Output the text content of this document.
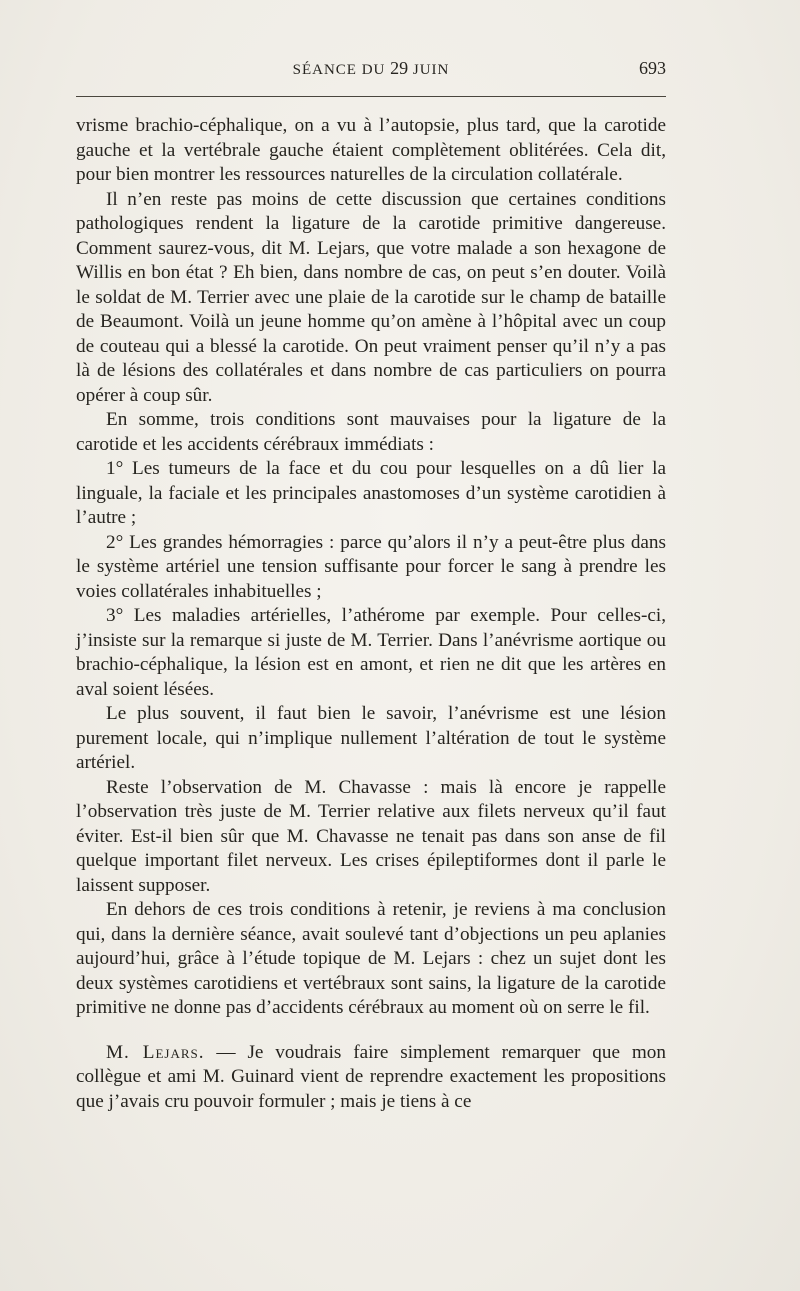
SÉANCE DU 29 JUIN	693

vrisme brachio-céphalique, on a vu à l’autopsie, plus tard, que la carotide gauche et la vertébrale gauche étaient complètement oblitérées. Cela dit, pour bien montrer les ressources naturelles de la circulation collatérale.

Il n’en reste pas moins de cette discussion que certaines conditions pathologiques rendent la ligature de la carotide primitive dangereuse. Comment saurez-vous, dit M. Lejars, que votre malade a son hexagone de Willis en bon état ? Eh bien, dans nombre de cas, on peut s’en douter. Voilà le soldat de M. Terrier avec une plaie de la carotide sur le champ de bataille de Beaumont. Voilà un jeune homme qu’on amène à l’hôpital avec un coup de couteau qui a blessé la carotide. On peut vraiment penser qu’il n’y a pas là de lésions des collatérales et dans nombre de cas particuliers on pourra opérer à coup sûr.

En somme, trois conditions sont mauvaises pour la ligature de la carotide et les accidents cérébraux immédiats :

1° Les tumeurs de la face et du cou pour lesquelles on a dû lier la linguale, la faciale et les principales anastomoses d’un système carotidien à l’autre ;

2° Les grandes hémorragies : parce qu’alors il n’y a peut-être plus dans le système artériel une tension suffisante pour forcer le sang à prendre les voies collatérales inhabituelles ;

3° Les maladies artérielles, l’athérome par exemple. Pour celles-ci, j’insiste sur la remarque si juste de M. Terrier. Dans l’anévrisme aortique ou brachio-céphalique, la lésion est en amont, et rien ne dit que les artères en aval soient lésées.

Le plus souvent, il faut bien le savoir, l’anévrisme est une lésion purement locale, qui n’implique nullement l’altération de tout le système artériel.

Reste l’observation de M. Chavasse : mais là encore je rappelle l’observation très juste de M. Terrier relative aux filets nerveux qu’il faut éviter. Est-il bien sûr que M. Chavasse ne tenait pas dans son anse de fil quelque important filet nerveux. Les crises épileptiformes dont il parle le laissent supposer.

En dehors de ces trois conditions à retenir, je reviens à ma conclusion qui, dans la dernière séance, avait soulevé tant d’objections un peu aplanies aujourd’hui, grâce à l’étude topique de M. Lejars : chez un sujet dont les deux systèmes carotidiens et vertébraux sont sains, la ligature de la carotide primitive ne donne pas d’accidents cérébraux au moment où on serre le fil.

M. Lejars. — Je voudrais faire simplement remarquer que mon collègue et ami M. Guinard vient de reprendre exactement les propositions que j’avais cru pouvoir formuler ; mais je tiens à ce
